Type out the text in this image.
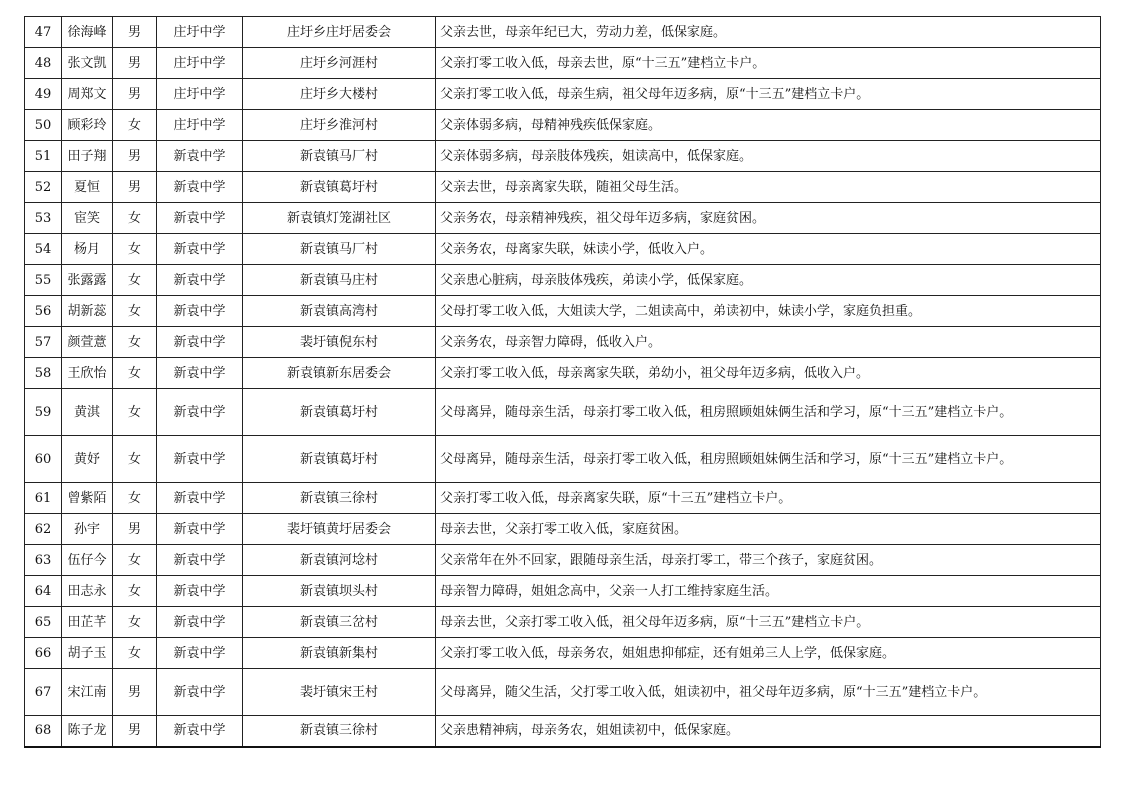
47	徐海峰	男	庄圩中学	庄圩乡庄圩居委会	父亲去世，母亲年纪已大，劳动力差，低保家庭。
48	张文凯	男	庄圩中学	庄圩乡河涯村	父亲打零工收入低，母亲去世，原“十三五”建档立卡户。
49	周郑文	男	庄圩中学	庄圩乡大楼村	父亲打零工收入低，母亲生病，祖父母年迈多病，原“十三五”建档立卡户。
50	顾彩玲	女	庄圩中学	庄圩乡淮河村	父亲体弱多病，母精神残疾低保家庭。
51	田子翔	男	新袁中学	新袁镇马厂村	父亲体弱多病，母亲肢体残疾，姐读高中，低保家庭。
52	夏恒	男	新袁中学	新袁镇葛圩村	父亲去世，母亲离家失联，随祖父母生活。
53	宦笑	女	新袁中学	新袁镇灯笼湖社区	父亲务农，母亲精神残疾，祖父母年迈多病，家庭贫困。
54	杨月	女	新袁中学	新袁镇马厂村	父亲务农，母离家失联，妹读小学，低收入户。
55	张露露	女	新袁中学	新袁镇马庄村	父亲患心脏病，母亲肢体残疾，弟读小学，低保家庭。
56	胡新蕊	女	新袁中学	新袁镇高湾村	父母打零工收入低，大姐读大学，二姐读高中，弟读初中，妹读小学，家庭负担重。
57	颜萱薏	女	新袁中学	裴圩镇倪东村	父亲务农，母亲智力障碍，低收入户。
58	王欣怡	女	新袁中学	新袁镇新东居委会	父亲打零工收入低，母亲离家失联，弟幼小，祖父母年迈多病，低收入户。
59	黄淇	女	新袁中学	新袁镇葛圩村	父母离异，随母亲生活，母亲打零工收入低，租房照顾姐妹俩生活和学习，原“十三五”建档立卡户。
60	黄妤	女	新袁中学	新袁镇葛圩村	父母离异，随母亲生活，母亲打零工收入低，租房照顾姐妹俩生活和学习，原“十三五”建档立卡户。
61	曾紫陌	女	新袁中学	新袁镇三徐村	父亲打零工收入低，母亲离家失联，原“十三五”建档立卡户。
62	孙宇	男	新袁中学	裴圩镇黄圩居委会	母亲去世，父亲打零工收入低，家庭贫困。
63	伍仔今	女	新袁中学	新袁镇河埝村	父亲常年在外不回家，跟随母亲生活，母亲打零工，带三个孩子，家庭贫困。
64	田志永	女	新袁中学	新袁镇坝头村	母亲智力障碍，姐姐念高中，父亲一人打工维持家庭生活。
65	田芷芊	女	新袁中学	新袁镇三岔村	母亲去世，父亲打零工收入低，祖父母年迈多病，原“十三五”建档立卡户。
66	胡子玉	女	新袁中学	新袁镇新集村	父亲打零工收入低，母亲务农，姐姐患抑郁症，还有姐弟三人上学，低保家庭。
67	宋江南	男	新袁中学	裴圩镇宋王村	父母离异，随父生活，父打零工收入低，姐读初中，祖父母年迈多病，原“十三五”建档立卡户。
68	陈子龙	男	新袁中学	新袁镇三徐村	父亲患精神病，母亲务农，姐姐读初中，低保家庭。
